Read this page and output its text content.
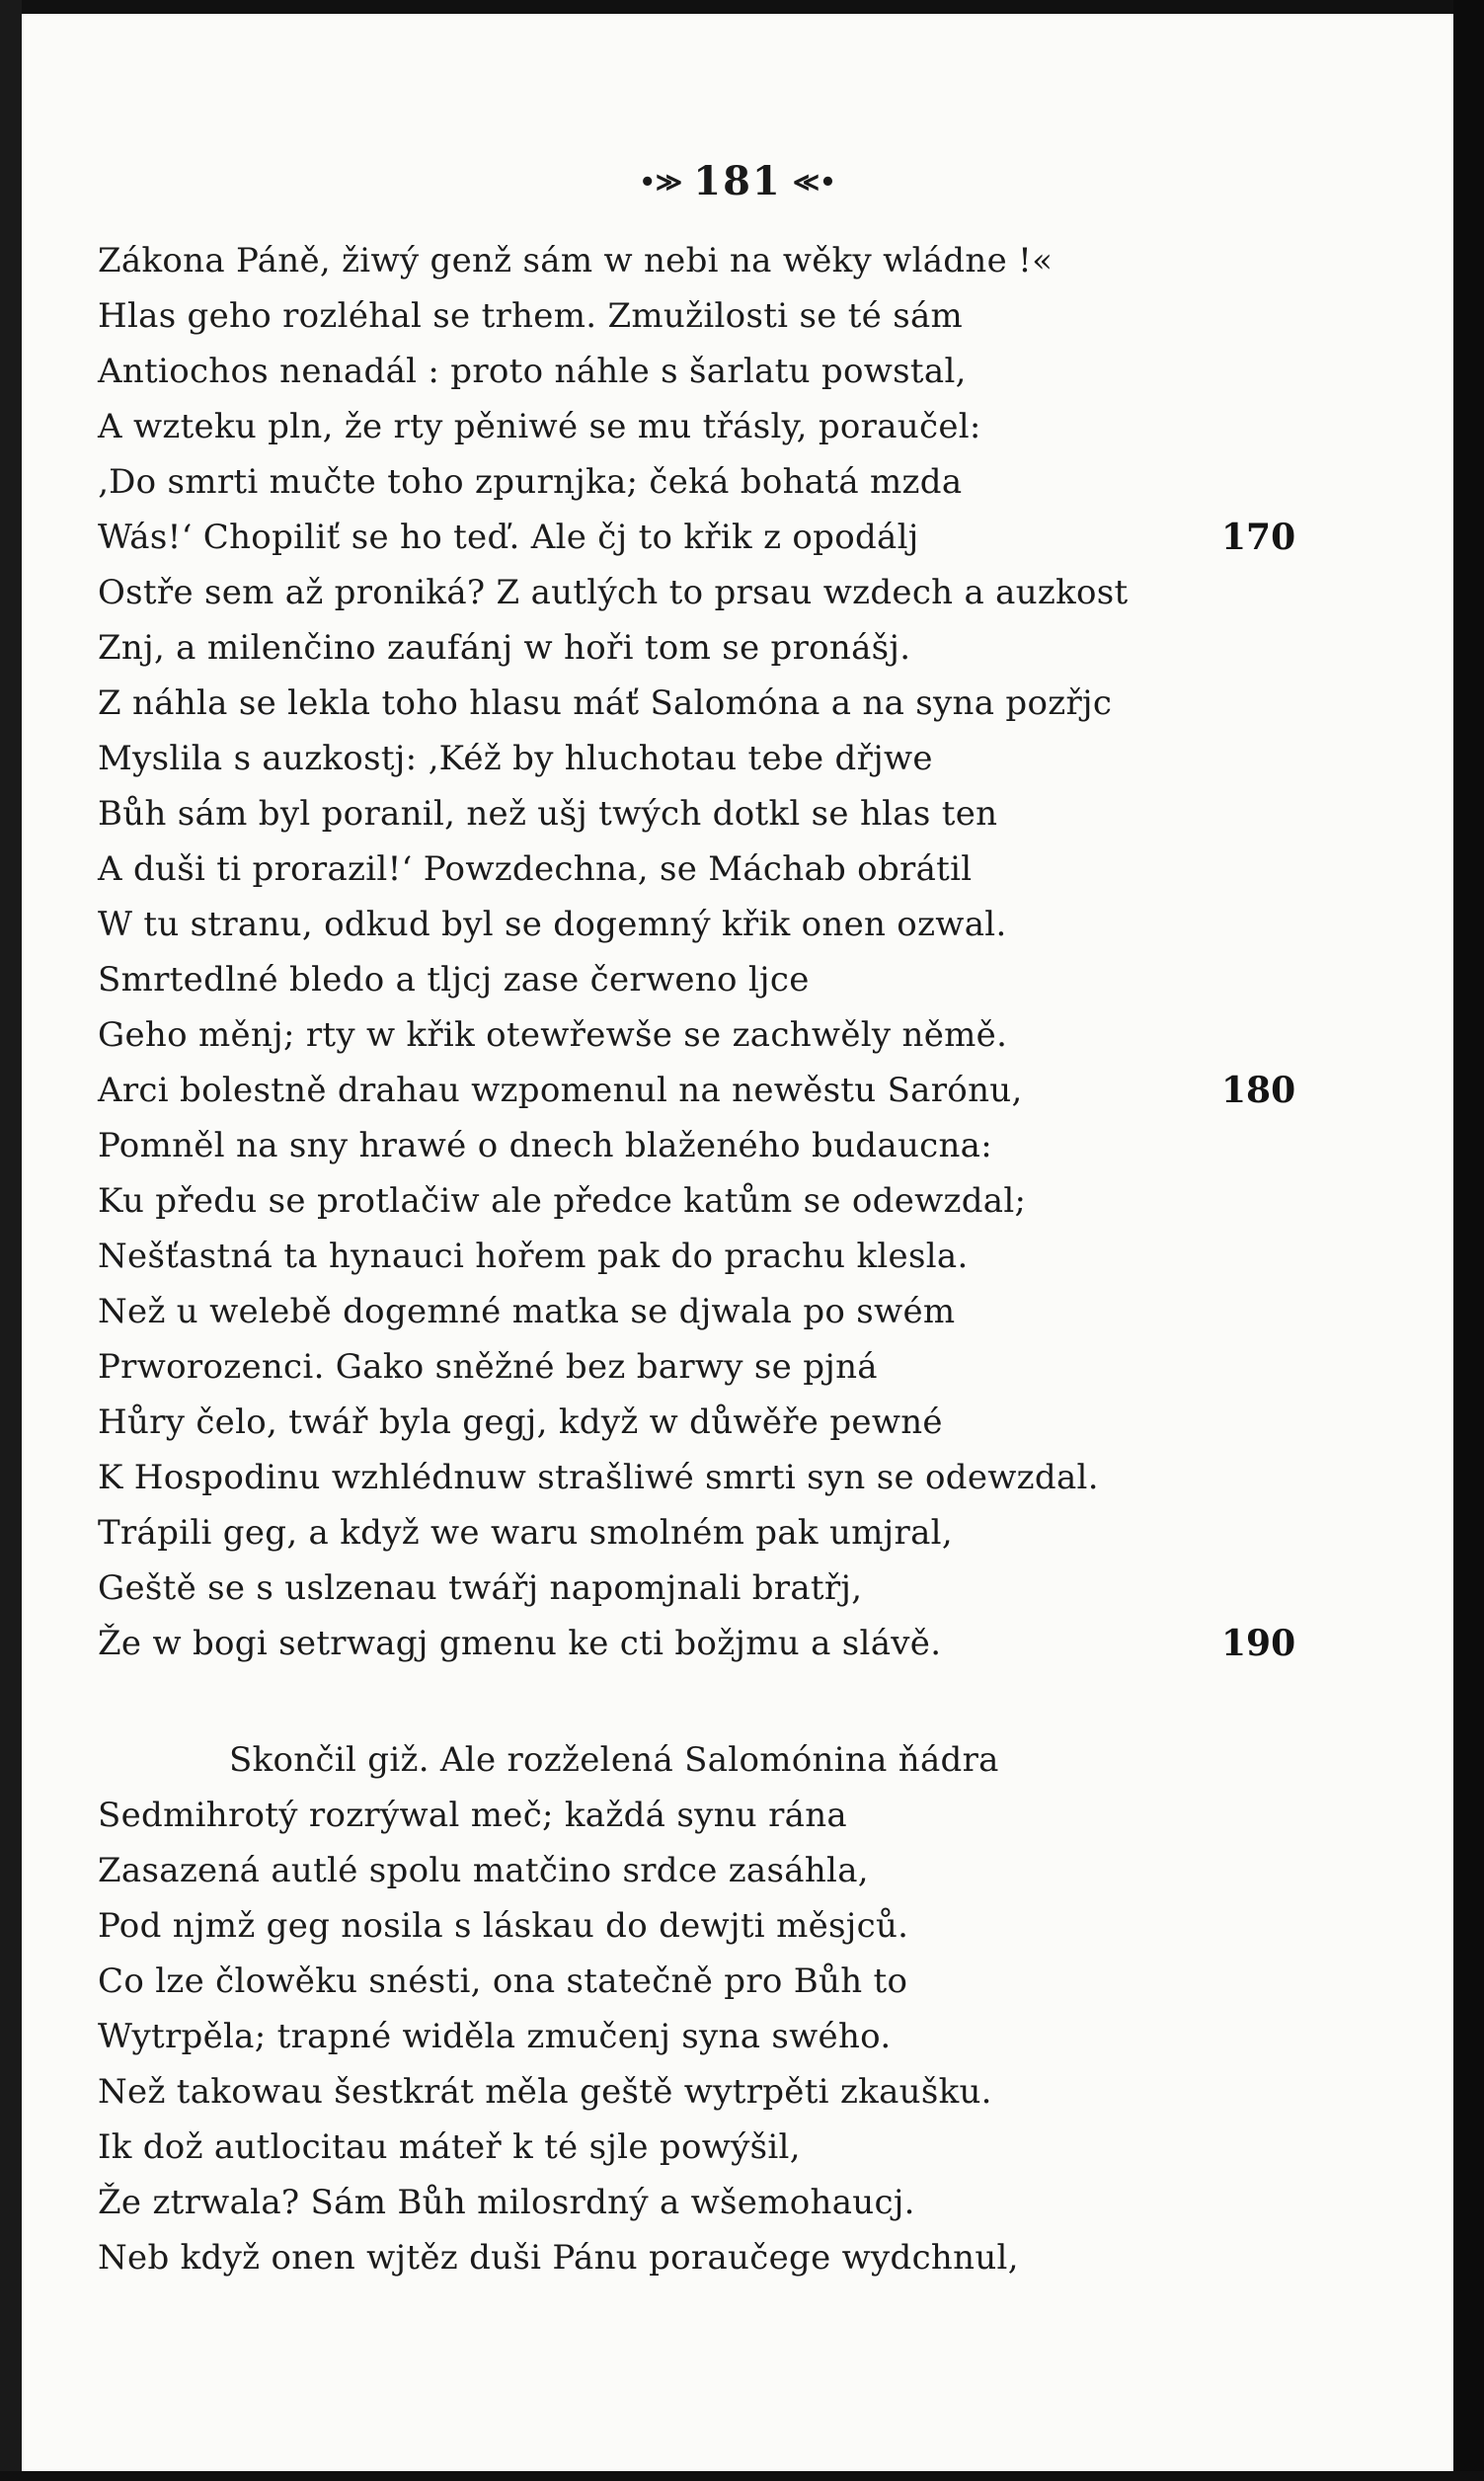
•≫ 181 ≪•
Zákona Páně, žiwý genž sám w nebi na wěky wládne !«
Hlas geho rozléhal se trhem. Zmužilosti se té sám
Antiochos nenadál : proto náhle s šarlatu powstal,
A wzteku pln, že rty pěniwé se mu třásly, poraučel:
‚Do smrti mučte toho zpurnjka; čeká bohatá mzda
Wás!‘ Chopiliť se ho teď. Ale čj to křik z opodálj	170
Ostře sem až proniká? Z autlých to prsau wzdech a auzkost
Znj, a milenčino zaufánj w hoři tom se pronášj.
Z náhla se lekla toho hlasu máť Salomóna a na syna pozřjc
Myslila s auzkostj: ‚Kéž by hluchotau tebe dřjwe
Bůh sám byl poranil, než ušj twých dotkl se hlas ten
A duši ti prorazil!‘ Powzdechna, se Máchab obrátil
W tu stranu, odkud byl se dogemný křik onen ozwal.
Smrtedlné bledo a tljcj zase čerweno ljce
Geho měnj; rty w křik otewřewše se zachwěly němě.
Arci bolestně drahau wzpomenul na newěstu Sarónu,	180
Pomněl na sny hrawé o dnech blaženého budaucna:
Ku předu se protlačiw ale předce katům se odewzdal;
Nešťastná ta hynauci hořem pak do prachu klesla.
Než u welebě dogemné matka se djwala po swém
Prworozenci. Gako sněžné bez barwy se pjná
Hůry čelo, twář byla gegj, když w důwěře pewné
K Hospodinu wzhlédnuw strašliwé smrti syn se odewzdal.
Trápili geg, a když we waru smolném pak umjral,
Geště se s uslzenau twářj napomjnali bratřj,
Že w bogi setrwagj gmenu ke cti božjmu a slávě.	190
Skončil giž. Ale rozželená Salomónina ňádra
Sedmihrotý rozrýwal meč; každá synu rána
Zasazená autlé spolu matčino srdce zasáhla,
Pod njmž geg nosila s láskau do dewjti měsjců.
Co lze člowěku snésti, ona statečně pro Bůh to
Wytrpěla; trapné widěla zmučenj syna swého.
Než takowau šestkrát měla geště wytrpěti zkaušku.
Ik dož autlocitau máteř k té sjle powýšil,
Že ztrwala? Sám Bůh milosrdný a wšemohaucj.
Neb když onen wjtěz duši Pánu poraučege wydchnul,
